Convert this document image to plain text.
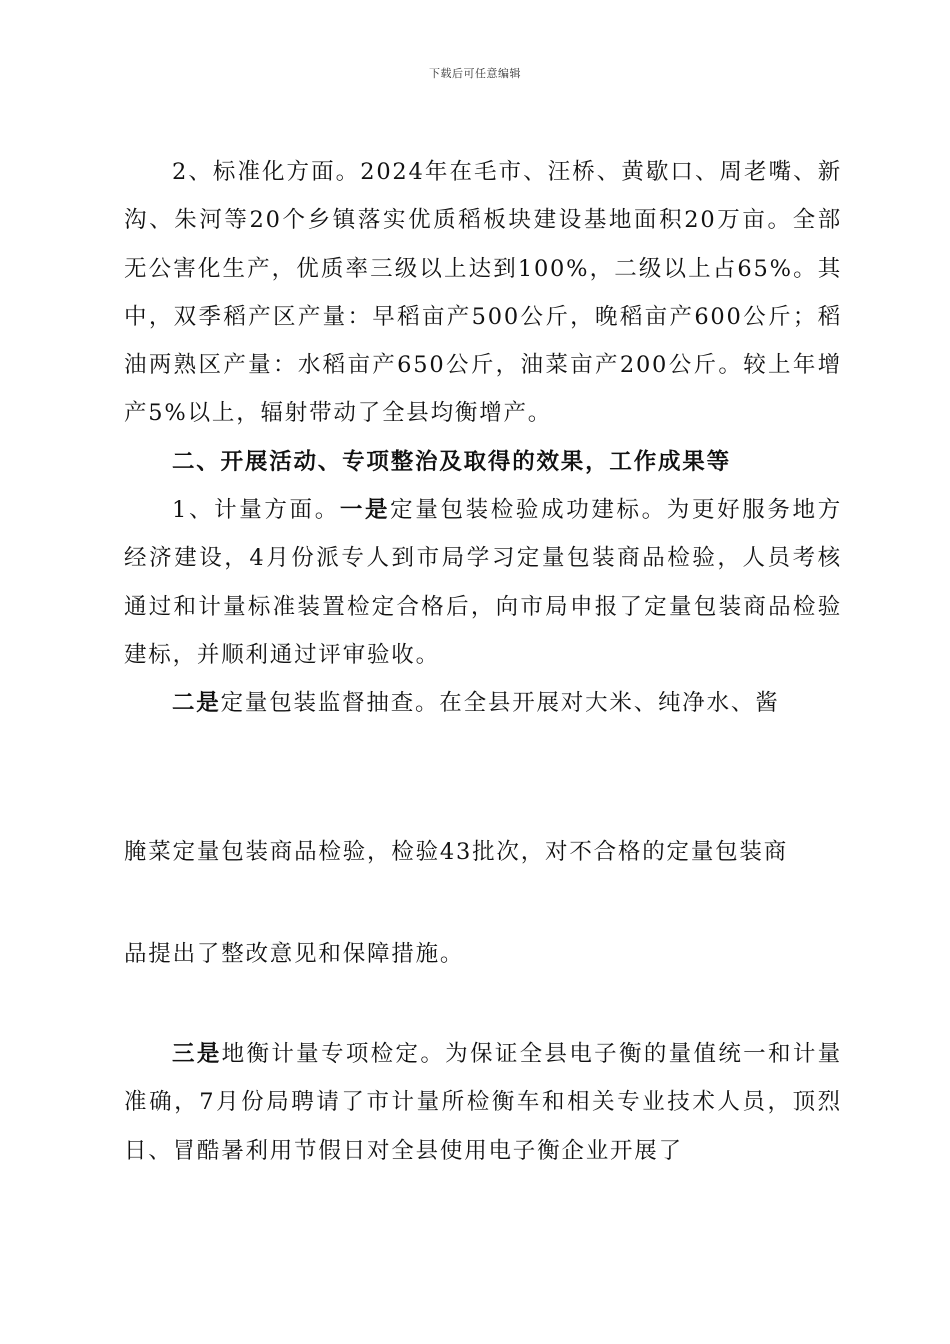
下载后可任意编辑

2、标准化方面。2024年在毛市、汪桥、黄歇口、周老嘴、新沟、朱河等20个乡镇落实优质稻板块建设基地面积20万亩。全部无公害化生产，优质率三级以上达到100%，二级以上占65%。其中，双季稻产区产量：早稻亩产500公斤，晚稻亩产600公斤；稻油两熟区产量：水稻亩产650公斤，油菜亩产200公斤。较上年增产5%以上，辐射带动了全县均衡增产。

二、开展活动、专项整治及取得的效果，工作成果等

1、计量方面。一是定量包装检验成功建标。为更好服务地方经济建设，4月份派专人到市局学习定量包装商品检验，人员考核通过和计量标准装置检定合格后，向市局申报了定量包装商品检验建标，并顺利通过评审验收。

二是定量包装监督抽查。在全县开展对大米、纯净水、酱

腌菜定量包装商品检验，检验43批次，对不合格的定量包装商

品提出了整改意见和保障措施。

三是地衡计量专项检定。为保证全县电子衡的量值统一和计量准确，7月份局聘请了市计量所检衡车和相关专业技术人员，顶烈日、冒酷暑利用节假日对全县使用电子衡企业开展了
